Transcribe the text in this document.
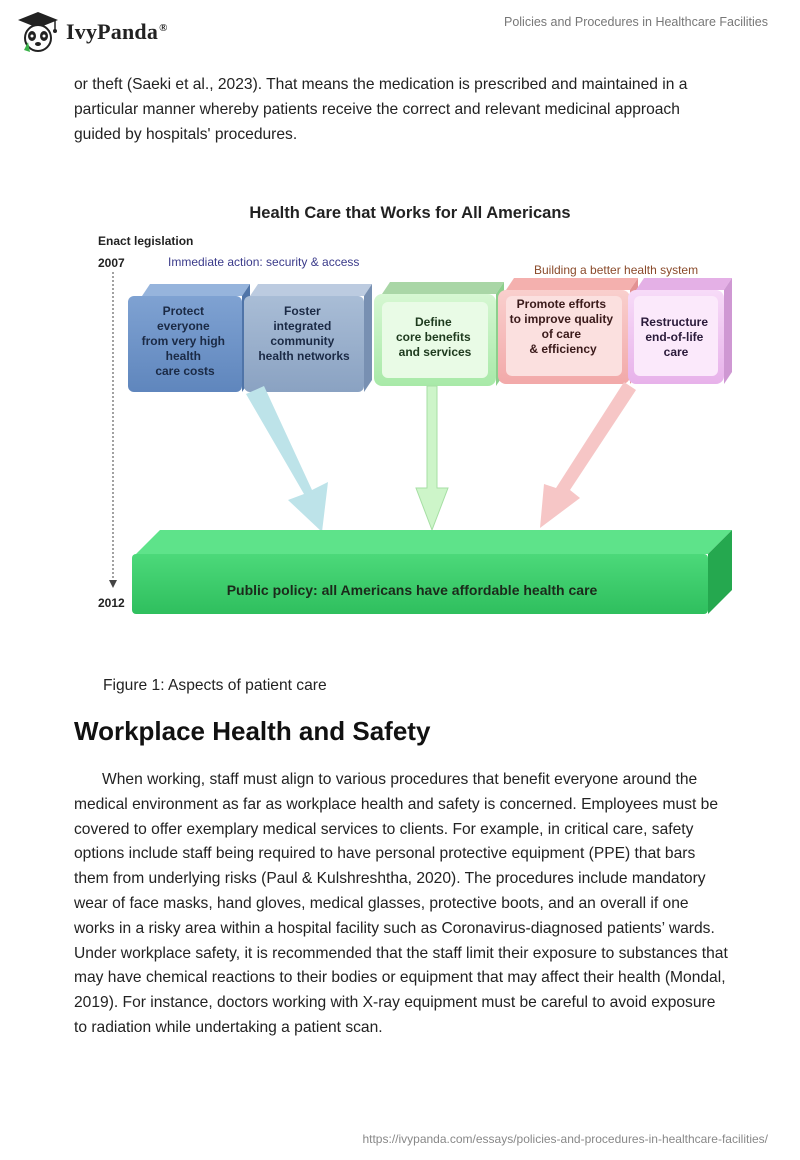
IvyPanda®	Policies and Procedures in Healthcare Facilities

or theft (Saeki et al., 2023). That means the medication is prescribed and maintained in a particular manner whereby patients receive the correct and relevant medicinal approach guided by hospitals' procedures.

Health Care that Works for All Americans
Enact legislation
2007
2012
Immediate action: security & access
Building a better health system
Protect everyone from very high health care costs
Foster integrated community health networks
Define core benefits and services
Promote efforts to improve quality of care & efficiency
Restructure end-of-life care
Public policy: all Americans have affordable health care
Figure 1: Aspects of patient care
Workplace Health and Safety

When working, staff must align to various procedures that benefit everyone around the medical environment as far as workplace health and safety is concerned. Employees must be covered to offer exemplary medical services to clients. For example, in critical care, safety options include staff being required to have personal protective equipment (PPE) that bars them from underlying risks (Paul & Kulshreshtha, 2020). The procedures include mandatory wear of face masks, hand gloves, medical glasses, protective boots, and an overall if one works in a risky area within a hospital facility such as Coronavirus-diagnosed patients’ wards. Under workplace safety, it is recommended that the staff limit their exposure to substances that may have chemical reactions to their bodies or equipment that may affect their health (Mondal, 2019). For instance, doctors working with X-ray equipment must be careful to avoid exposure to radiation while undertaking a patient scan.

https://ivypanda.com/essays/policies-and-procedures-in-healthcare-facilities/
